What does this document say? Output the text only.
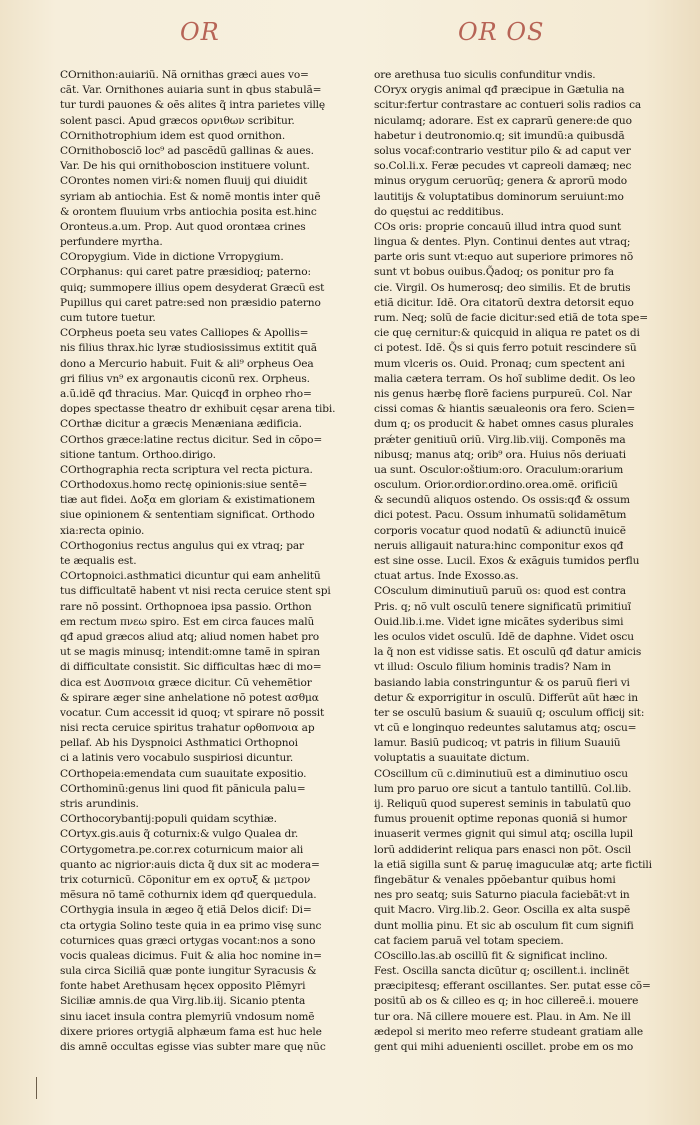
OR	OR OS
COrnithon:auiariũ. Nã ornithas græci aues vo=
cãt. Var. Ornithones auiaria sunt in qbus stabulã=
tur turdi pauones & oẽs alites q̃ intra parietes villę
solent pasci. Apud græcos ορνιθων scribitur.
COrnithotrophium idem est quod ornithon.
COrnithobosciõ loc⁹ ad pascẽdũ gallinas & aues.
Var. De his qui ornithoboscion instituere volunt.
COrontes nomen viri:& nomen fluuij qui diuidit
syriam ab antiochia. Est & nomẽ montis inter quẽ
& orontem fluuium vrbs antiochia posita est.hinc
Oronteus.a.um. Prop. Aut quod orontæa crines
perfundere myrtha.
COropygium. Vide in dictione Vrropygium.
COrphanus: qui caret patre præsidioq; paterno:
quiq; summopere illius opem desyderat Græcũ est
Pupillus qui caret patre:sed non præsidio paterno
cum tutore tuetur.
COrpheus poeta seu vates Calliopes & Apollis=
nis filius thrax.hic lyræ studiosissimus extitit quã
dono a Mercurio habuit. Fuit & ali⁹ orpheus Oea
gri filius vn⁹ ex argonautis ciconũ rex. Orpheus.
a.ũ.idẽ qđ thracius. Mar. Quicqđ in orpheo rho=
dopes spectasse theatro dr exhibuit cęsar arena tibi.
COrthæ dicitur a græcis Menæniana ædificia.
COrthos græce:latine rectus dicitur. Sed in cõpo=
sitione tantum. Orthoo.dirigo.
COrthographia recta scriptura vel recta pictura.
COrthodoxus.homo rectę opinionis:siue sentẽ=
tiæ aut fidei. Δοξα em gloriam & existimationem
siue opinionem & sententiam significat. Orthodo
xia:recta opinio.
COrthogonius rectus angulus qui ex vtraq; par
te æqualis est.
COrtopnoici.asthmatici dicuntur qui eam anhelitũ
tus difficultatẽ habent vt nisi recta ceruice stent spi
rare nõ possint. Orthopnoea ipsa passio. Orthon
em rectum πνεω spiro. Est em circa fauces malũ
qđ apud græcos aliud atq; aliud nomen habet pro
ut se magis minusq; intendit:omne tamẽ in spiran
di difficultate consistit. Sic difficultas hæc di mo=
dica est Δυσπνοια græce dicitur. Cũ vehemẽtior
& spirare æger sine anhelatione nõ potest ασθμα
vocatur. Cum accessit id quoq; vt spirare nõ possit
nisi recta ceruice spiritus trahatur ορθοπνοια ap
pellaf. Ab his Dyspnoici Asthmatici Orthopnoi
ci a latinis vero vocabulo suspiriosi dicuntur.
COrthopeia:emendata cum suauitate expositio.
COrthominũ:genus lini quod fit pãnicula palu=
stris arundinis.
COrthocorybantij:populi quidam scythiæ.
COrtyx.gis.auis q̃ coturnix:& vulgo Qualea dr.
COrtygometra.pe.cor.rex coturnicum maior ali
quanto ac nigrior:auis dicta q̃ dux sit ac modera=
trix coturnicũ. Cõponitur em ex ορτυξ & μετρον
mẽsura nõ tamẽ cothurnix idem qđ querquedula.
COrthygia insula in ægeo q̃ etiã Delos dicif: Di=
cta ortygia Solino teste quia in ea primo visę sunc
coturnices quas græci ortygas vocant:nos a sono
vocis qualeas dicimus. Fuit & alia hoc nomine in=
sula circa Siciliã quæ ponte iungitur Syracusis &
fonte habet Arethusam hęcex opposito Plẽmyri
Siciliæ amnis.de qua Virg.lib.iij. Sicanio ptenta
sinu iacet insula contra plemyriũ vndosum nomẽ
dixere priores ortygiã alphæum fama est huc hele
dis amnẽ occultas egisse vias subter mare quę nũc
ore arethusa tuo siculis confunditur vndis.
COryx orygis animal qđ præcipue in Gætulia na
scitur:fertur contrastare ac contueri solis radios ca
niculamq; adorare. Est ex caprarũ genere:de quo
habetur i deutronomio.q; sit imundũ:a quibusdã
solus vocaf:contrario vestitur pilo & ad caput ver
so.Col.li.x. Feræ pecudes vt capreoli damæq; nec
minus orygum ceruorũq; genera & aprorũ modo
lautitijs & voluptatibus dominorum seruiunt:mo
do quęstui ac redditibus.
COs oris: proprie concauũ illud intra quod sunt
lingua & dentes. Plyn. Continui dentes aut vtraq;
parte oris sunt vt:equo aut superiore primores nõ
sunt vt bobus ouibus.Q̃adoq; os ponitur pro fa
cie. Virgil. Os humerosq; deo similis. Et de brutis
etiã dicitur. Idẽ. Ora citatorũ dextra detorsit equo
rum. Neq; solũ de facie dicitur:sed etiã de tota spe=
cie quę cernitur:& quicquid in aliqua re patet os di
ci potest. Idẽ. Q̃s si quis ferro potuit rescindere sũ
mum vlceris os. Ouid. Pronaq; cum spectent ani
malia cætera terram. Os hoĩ sublime dedit. Os leo
nis genus hærbę florẽ faciens purpureũ. Col. Nar
cissi comas & hiantis sæualeonis ora fero. Scien=
dum q; os producit & habet omnes casus plurales
prǽter genitiuũ oriũ. Virg.lib.viij. Componẽs ma
nibusq; manus atq; orib⁹ ora. Huius nõs deriuati
ua sunt. Osculor:oštium:oro. Oraculum:orarium
osculum. Orior.ordior.ordino.orea.omẽ. orificiũ
& secundũ aliquos ostendo. Os ossis:qđ & ossum
dici potest. Pacu. Ossum inhumatũ solidamẽtum
corporis vocatur quod nodatũ & adiunctũ inuicẽ
neruis alligauit natura:hinc componitur exos qđ
est sine osse. Lucil. Exos & exãguis tumidos perflu
ctuat artus. Inde Exosso.as.
COsculum diminutiuũ paruũ os: quod est contra
Pris. q; nõ vult osculũ tenere significatũ primitiuĩ
Ouid.lib.i.me. Videt igne micãtes syderibus simi
les oculos videt osculũ. Idẽ de daphne. Videt oscu
la q̃ non est vidisse satis. Et osculũ qđ datur amicis
vt illud: Osculo filium hominis tradis? Nam in
basiando labia constringuntur & os paruũ fieri vi
detur & exporrigitur in osculũ. Differũt aũt hæc in
ter se osculũ basium & suauiũ q; osculum officij sit:
vt cũ e longinquo redeuntes salutamus atq; oscu=
lamur. Basiũ pudicoq; vt patris in filium Suauiũ
voluptatis a suauitate dictum.
COscillum cũ c.diminutiuũ est a diminutiuo oscu
lum pro paruo ore sicut a tantulo tantillũ. Col.lib.
ij. Reliquũ quod superest seminis in tabulatũ quo
fumus prouenit optime reponas quoniã si humor
inuaserit vermes gignit qui simul atq; oscilla lupil
lorũ addiderint reliqua pars enasci non põt. Oscil
la etiã sigilla sunt & paruę imaguculæ atq; arte fictili
fingebãtur & venales ppõebantur quibus homi
nes pro seatq; suis Saturno piacula faciebãt:vt in
quit Macro. Virg.lib.2. Geor. Oscilla ex alta suspẽ
dunt mollia pinu. Et sic ab osculum fit cum signifi
cat faciem paruã vel totam speciem.
COscillo.las.ab oscillũ fit & significat inclino.
Fest. Oscilla sancta dicũtur q; oscillent.i. inclinẽt
præcipitesq; efferant oscillantes. Ser. putat esse cõ=
positũ ab os & cilleo es q; in hoc cillereẽ.i. mouere
tur ora. Nã cillere mouere est. Plau. in Am. Ne ill
ædepol si merito meo referre studeant gratiam alle
gent qui mihi aduenienti oscillet. probe em os mo
